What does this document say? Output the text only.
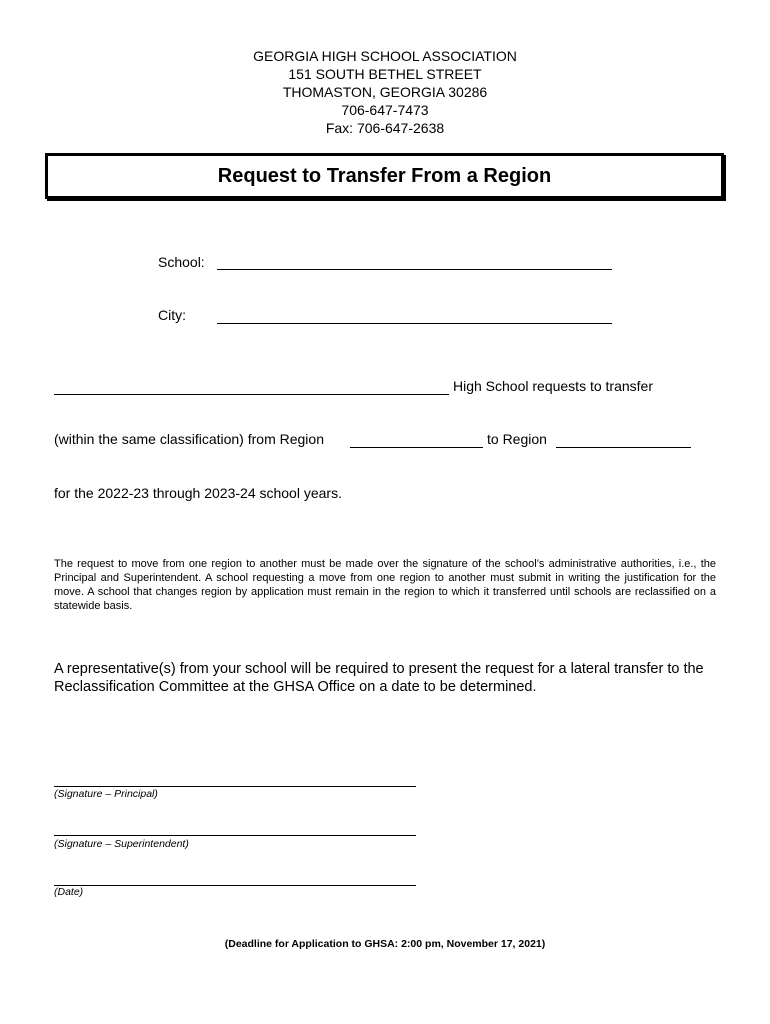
GEORGIA HIGH SCHOOL ASSOCIATION
151 SOUTH BETHEL STREET
THOMASTON, GEORGIA 30286
706-647-7473
Fax: 706-647-2638
Request to Transfer From a Region
School:
City:
High School requests to transfer
(within the same classification) from Region	to Region
for the 2022-23 through 2023-24 school years.
The request to move from one region to another must be made over the signature of the school’s administrative authorities, i.e., the Principal and Superintendent. A school requesting a move from one region to another must submit in writing the justification for the move. A school that changes region by application must remain in the region to which it transferred until schools are reclassified on a statewide basis.
A representative(s) from your school will be required to present the request for a lateral transfer to the Reclassification Committee at the GHSA Office on a date to be determined.
(Signature – Principal)
(Signature – Superintendent)
(Date)
(Deadline for Application to GHSA: 2:00 pm, November 17, 2021)
